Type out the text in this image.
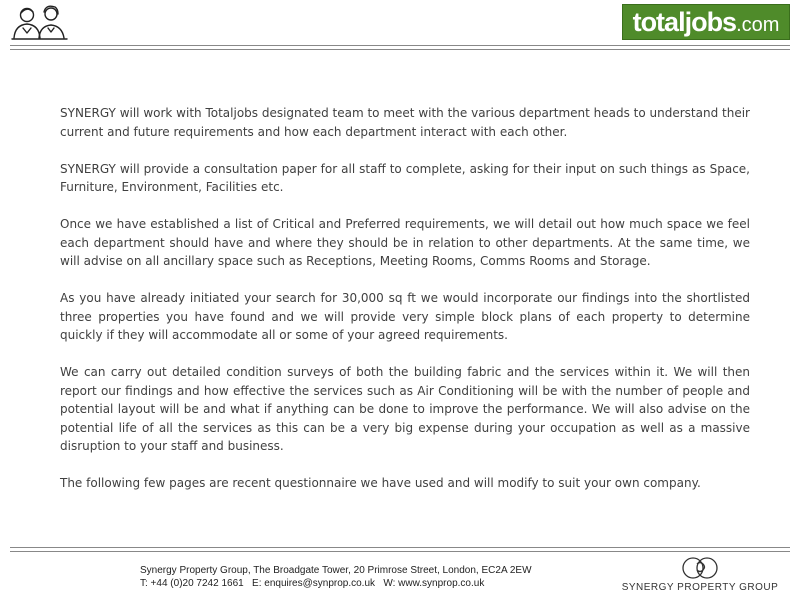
totaljobs .com

SYNERGY will work with Totaljobs designated team to meet with the various department heads to understand their current and future requirements and how each department interact with each other.

SYNERGY will provide a consultation paper for all staff to complete, asking for their input on such things as Space, Furniture, Environment, Facilities etc.

Once we have established a list of Critical and Preferred requirements, we will detail out how much space we feel each department should have and where they should be in relation to other departments. At the same time, we will advise on all ancillary space such as Receptions, Meeting Rooms, Comms Rooms and Storage.

As you have already initiated your search for 30,000 sq ft we would incorporate our findings into the shortlisted three properties you have found and we will provide very simple block plans of each property to determine quickly if they will accommodate all or some of your agreed requirements.

We can carry out detailed condition surveys of both the building fabric and the services within it. We will then report our findings and how effective the services such as Air Conditioning will be with the number of people and potential layout will be and what if anything can be done to improve the performance. We will also advise on the potential life of all the services as this can be a very big expense during your occupation as well as a massive disruption to your staff and business.

The following few pages are recent questionnaire we have used and will modify to suit your own company.

Synergy Property Group, The Broadgate Tower, 20 Primrose Street, London, EC2A 2EW
T: +44 (0)20 7242 1661   E: enquires@synprop.co.uk   W: www.synprop.co.uk	SYNERGY PROPERTY GROUP
